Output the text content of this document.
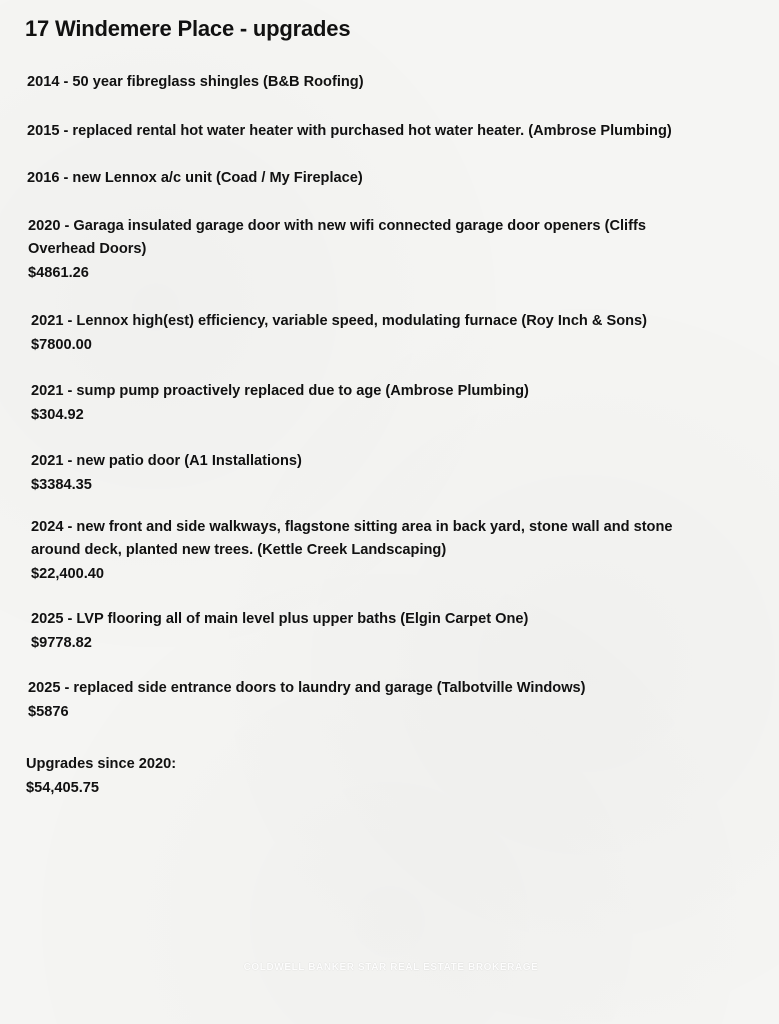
17 Windemere Place - upgrades
2014 - 50 year fibreglass shingles (B&B Roofing)
2015 - replaced rental hot water heater with purchased hot water heater. (Ambrose Plumbing)
2016 - new Lennox a/c unit (Coad / My Fireplace)
2020 - Garaga insulated garage door with new wifi connected garage door openers (Cliffs Overhead Doors)
$4861.26
2021 - Lennox high(est) efficiency, variable speed, modulating furnace (Roy Inch & Sons)
$7800.00
2021 - sump pump proactively replaced due to age (Ambrose Plumbing)
$304.92
2021 - new patio door (A1 Installations)
$3384.35
2024 - new front and side walkways, flagstone sitting area in back yard, stone wall and stone around deck, planted new trees. (Kettle Creek Landscaping)
$22,400.40
2025 - LVP flooring all of main level plus upper baths (Elgin Carpet One)
$9778.82
2025 - replaced side entrance doors to laundry and garage (Talbotville Windows)
$5876
Upgrades since 2020:
$54,405.75
COLDWELL BANKER STAR REAL ESTATE BROKERAGE
